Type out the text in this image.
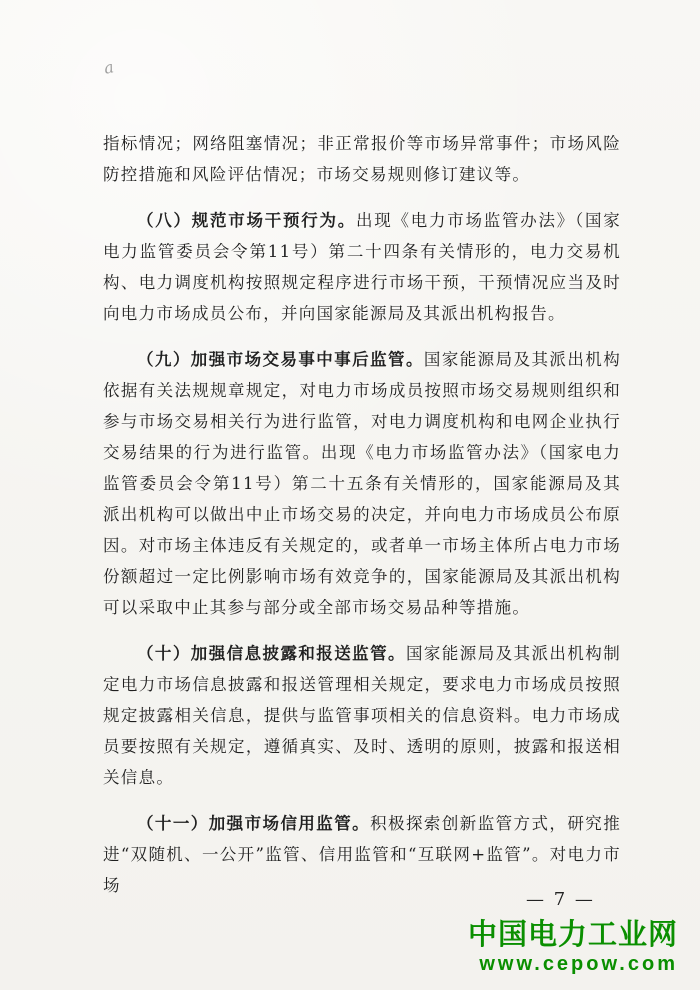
a

指标情况；网络阻塞情况；非正常报价等市场异常事件；市场风险防控措施和风险评估情况；市场交易规则修订建议等。

（八）规范市场干预行为。出现《电力市场监管办法》（国家电力监管委员会令第11号）第二十四条有关情形的，电力交易机构、电力调度机构按照规定程序进行市场干预，干预情况应当及时向电力市场成员公布，并向国家能源局及其派出机构报告。

（九）加强市场交易事中事后监管。国家能源局及其派出机构依据有关法规规章规定，对电力市场成员按照市场交易规则组织和参与市场交易相关行为进行监管，对电力调度机构和电网企业执行交易结果的行为进行监管。出现《电力市场监管办法》（国家电力监管委员会令第11号）第二十五条有关情形的，国家能源局及其派出机构可以做出中止市场交易的决定，并向电力市场成员公布原因。对市场主体违反有关规定的，或者单一市场主体所占电力市场份额超过一定比例影响市场有效竞争的，国家能源局及其派出机构可以采取中止其参与部分或全部市场交易品种等措施。

（十）加强信息披露和报送监管。国家能源局及其派出机构制定电力市场信息披露和报送管理相关规定，要求电力市场成员按照规定披露相关信息，提供与监管事项相关的信息资料。电力市场成员要按照有关规定，遵循真实、及时、透明的原则，披露和报送相关信息。

（十一）加强市场信用监管。积极探索创新监管方式，研究推进“双随机、一公开”监管、信用监管和“互联网+监管”。对电力市场

— 7 —
中国电力工业网
www.cepow.com
